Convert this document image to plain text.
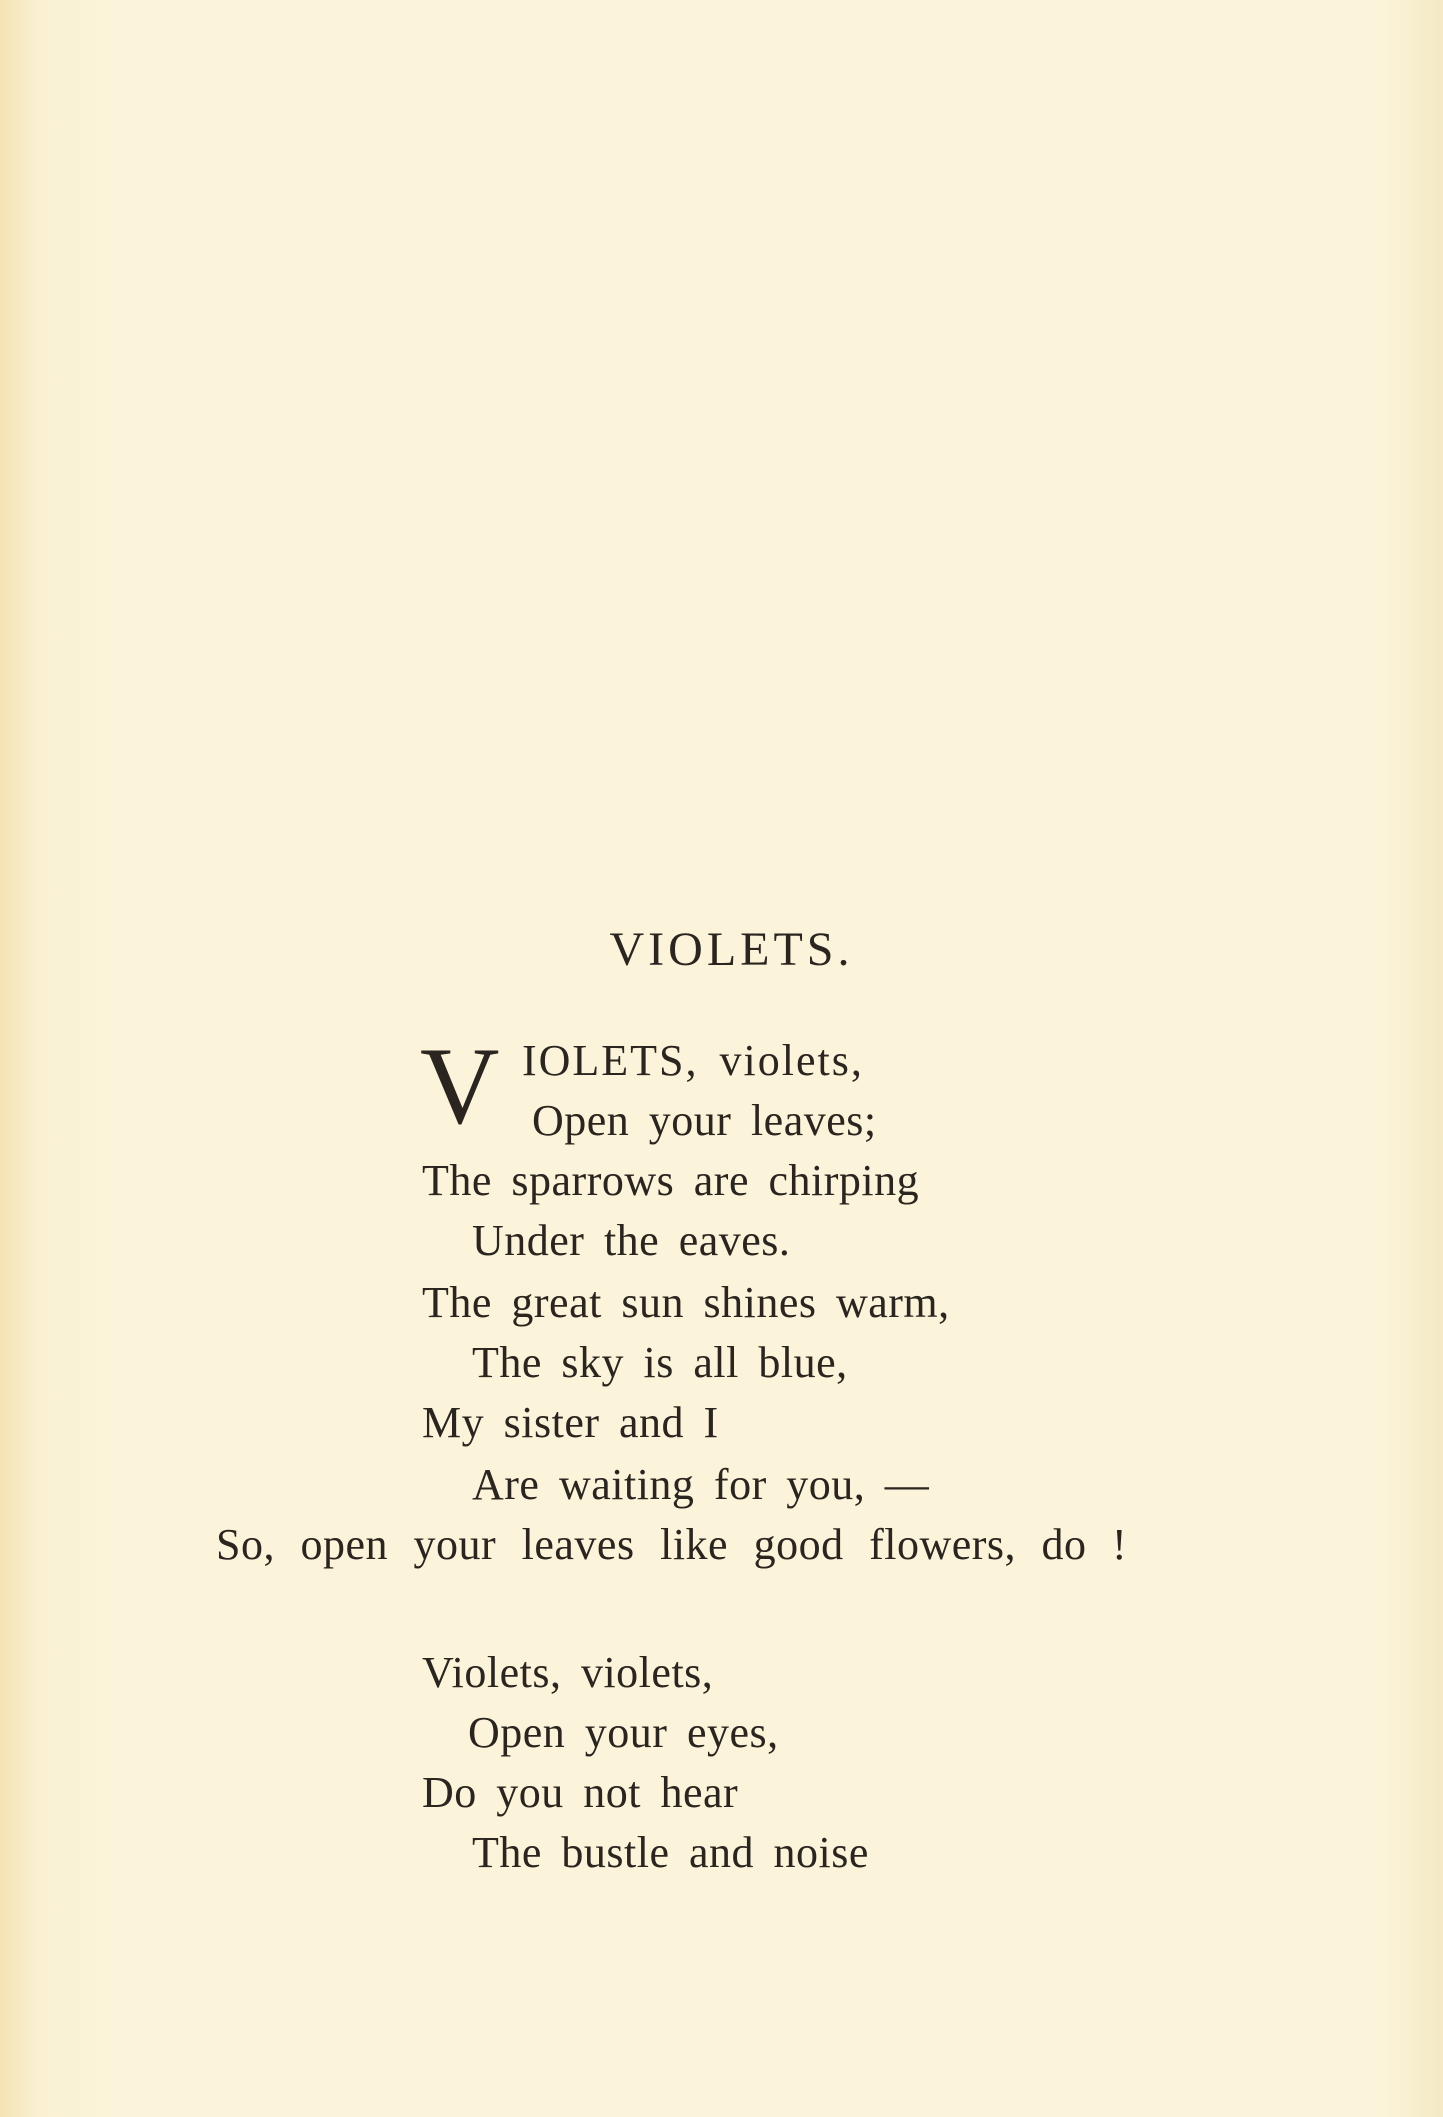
VIOLETS.
V IOLETS, violets,
Open your leaves;
The sparrows are chirping
Under the eaves.
The great sun shines warm,
The sky is all blue,
My sister and I
Are waiting for you, —
So, open your leaves like good flowers, do !
Violets, violets,
Open your eyes,
Do you not hear
The bustle and noise
